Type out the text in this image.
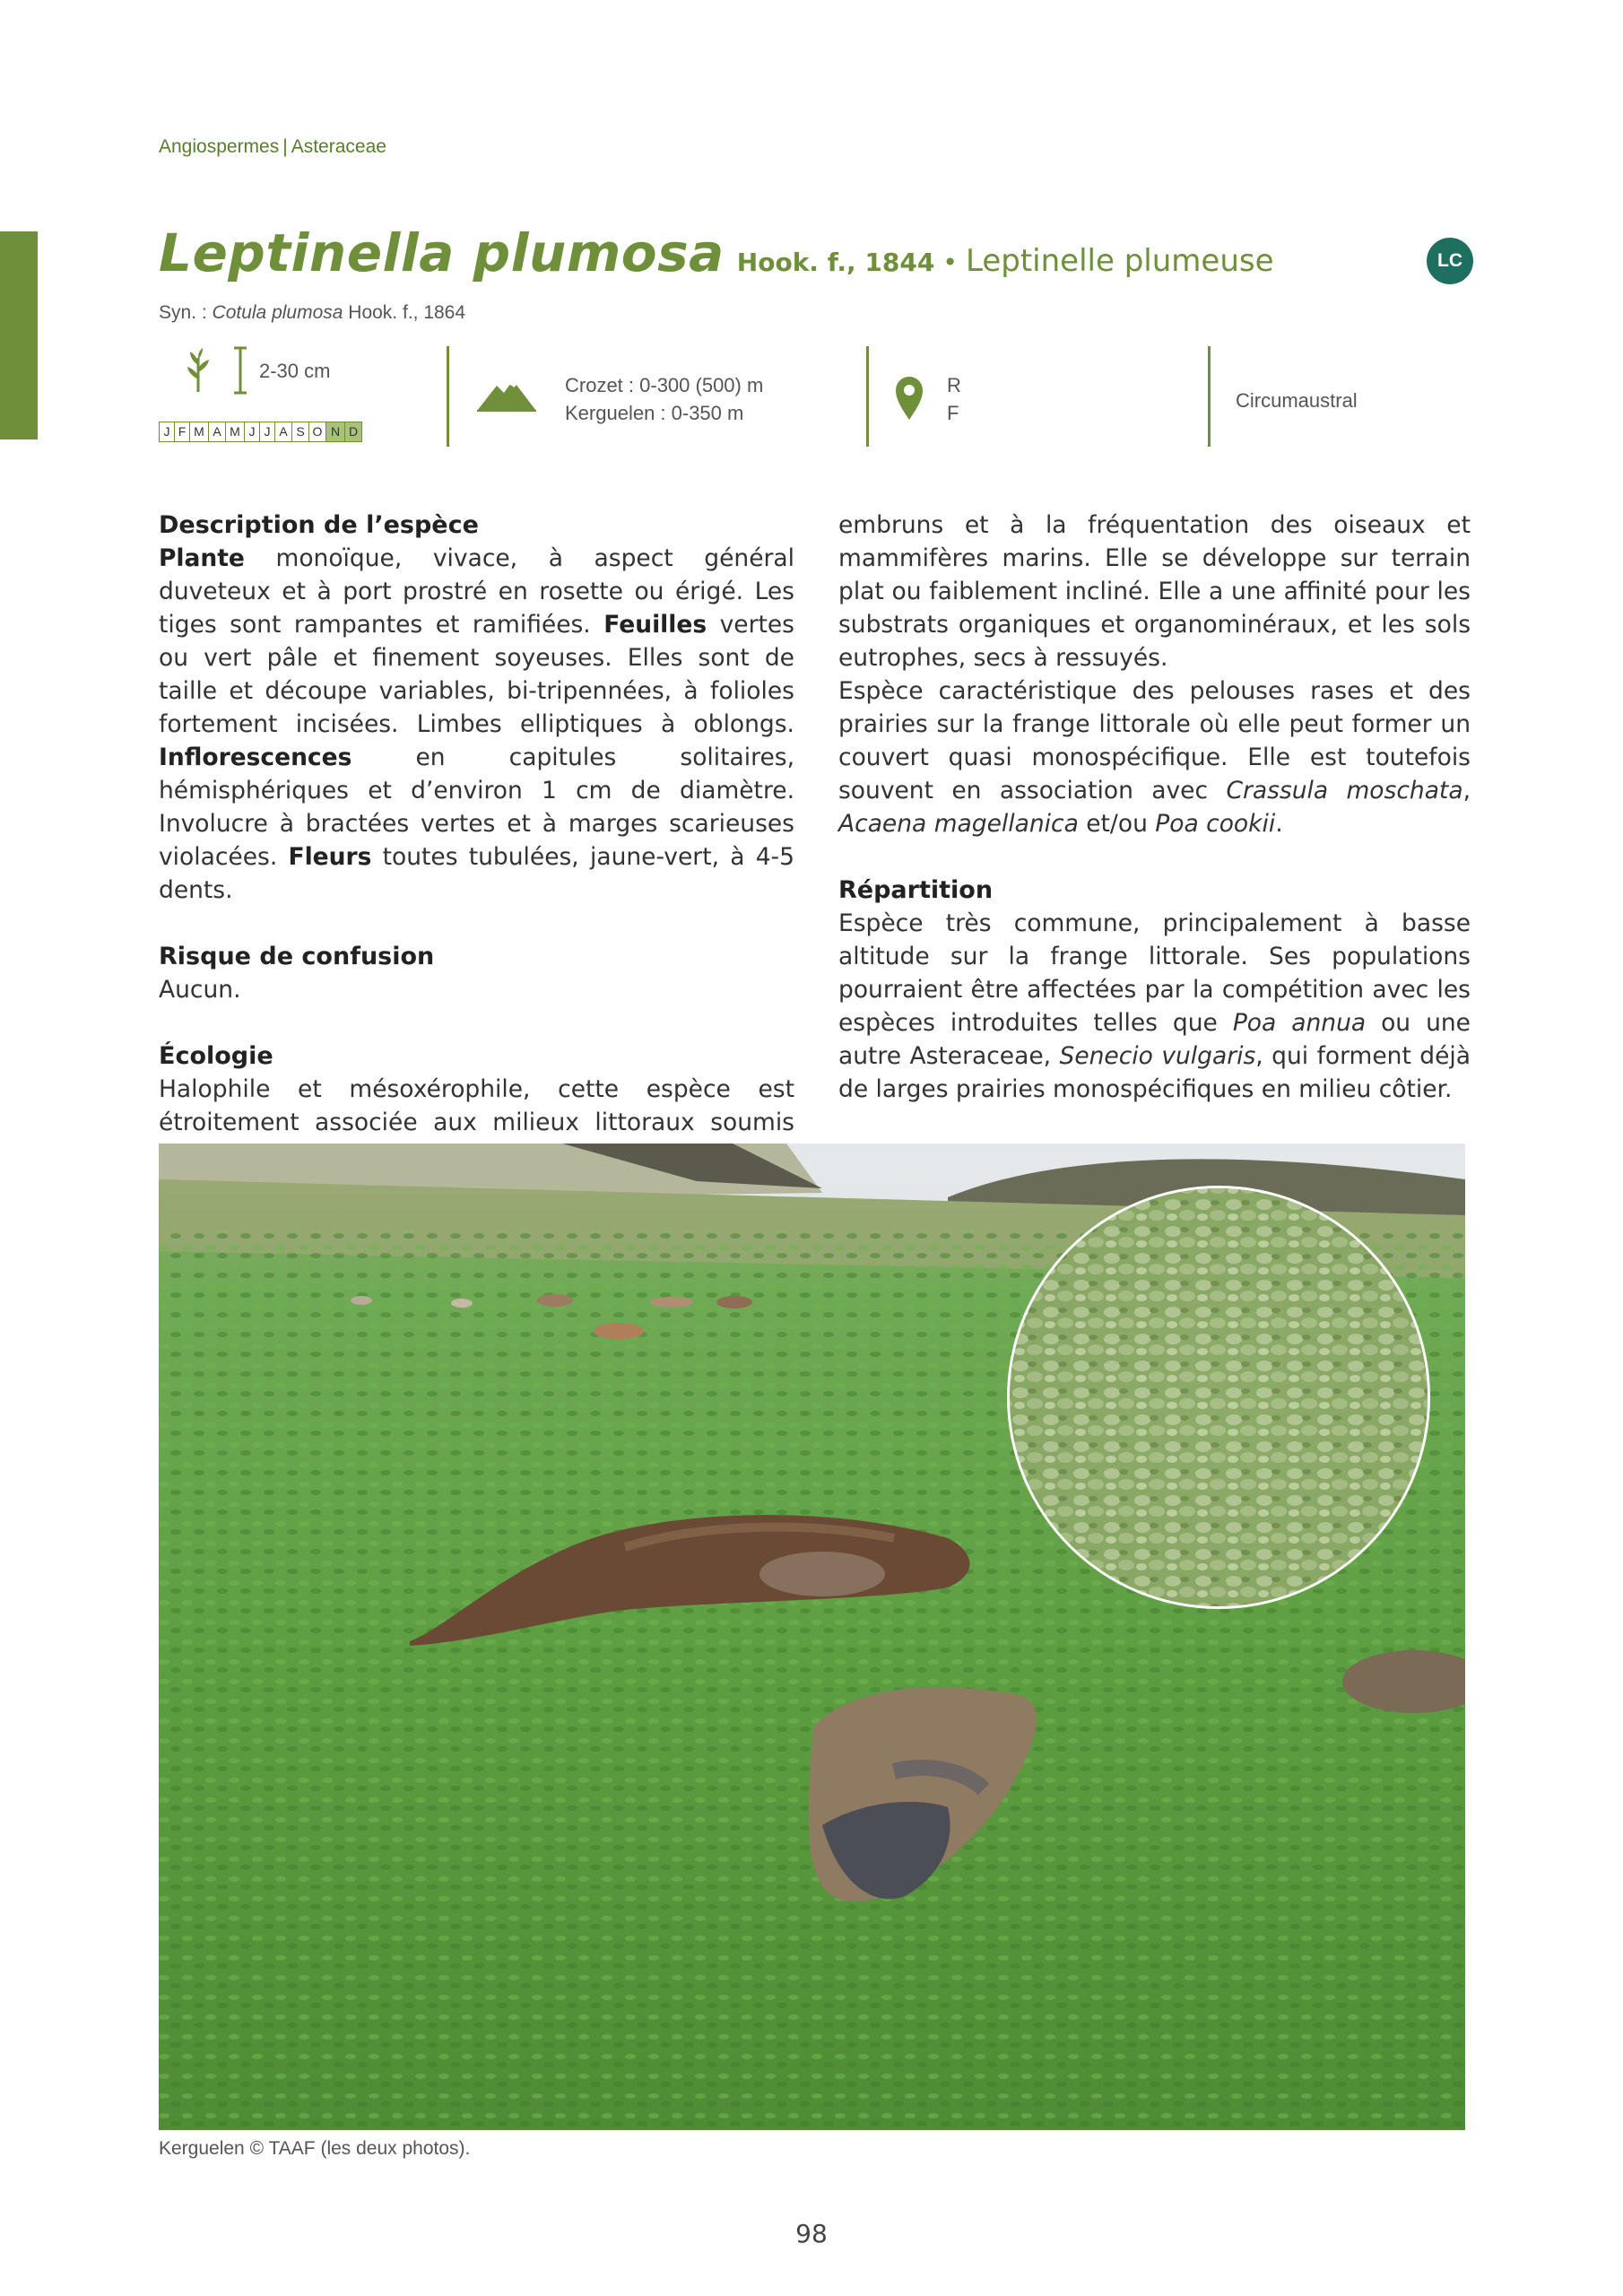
Angiospermes | Asteraceae
Leptinella plumosa Hook. f., 1844 • Leptinelle plumeuse	LC
Syn. : Cotula plumosa Hook. f., 1864
2-30 cm
J F M A M J J A S O N D
Crozet : 0-300 (500) m
Kerguelen : 0-350 m
R
F
Circumaustral
Description de l’espèce
Plante monoïque, vivace, à aspect général duveteux et à port prostré en rosette ou érigé. Les tiges sont rampantes et ramifiées. Feuilles vertes ou vert pâle et finement soyeuses. Elles sont de taille et découpe variables, bi-tripennées, à folioles fortement incisées. Limbes elliptiques à oblongs. Inflorescences en capitules solitaires, hémisphériques et d’environ 1 cm de diamètre. Involucre à bractées vertes et à marges scarieuses violacées. Fleurs toutes tubulées, jaune-vert, à 4-5 dents.
Risque de confusion
Aucun.
Écologie
Halophile et mésoxérophile, cette espèce est étroitement associée aux milieux littoraux soumis
embruns et à la fréquentation des oiseaux et mammifères marins. Elle se développe sur terrain plat ou faiblement incliné. Elle a une affinité pour les substrats organiques et organominéraux, et les sols eutrophes, secs à ressuyés.
Espèce caractéristique des pelouses rases et des prairies sur la frange littorale où elle peut former un couvert quasi monospécifique. Elle est toutefois souvent en association avec Crassula moschata, Acaena magellanica et/ou Poa cookii.
Répartition
Espèce très commune, principalement à basse altitude sur la frange littorale. Ses populations pourraient être affectées par la compétition avec les espèces introduites telles que Poa annua ou une autre Asteraceae, Senecio vulgaris, qui forment déjà de larges prairies monospécifiques en milieu côtier.
Kerguelen © TAAF (les deux photos).
98
